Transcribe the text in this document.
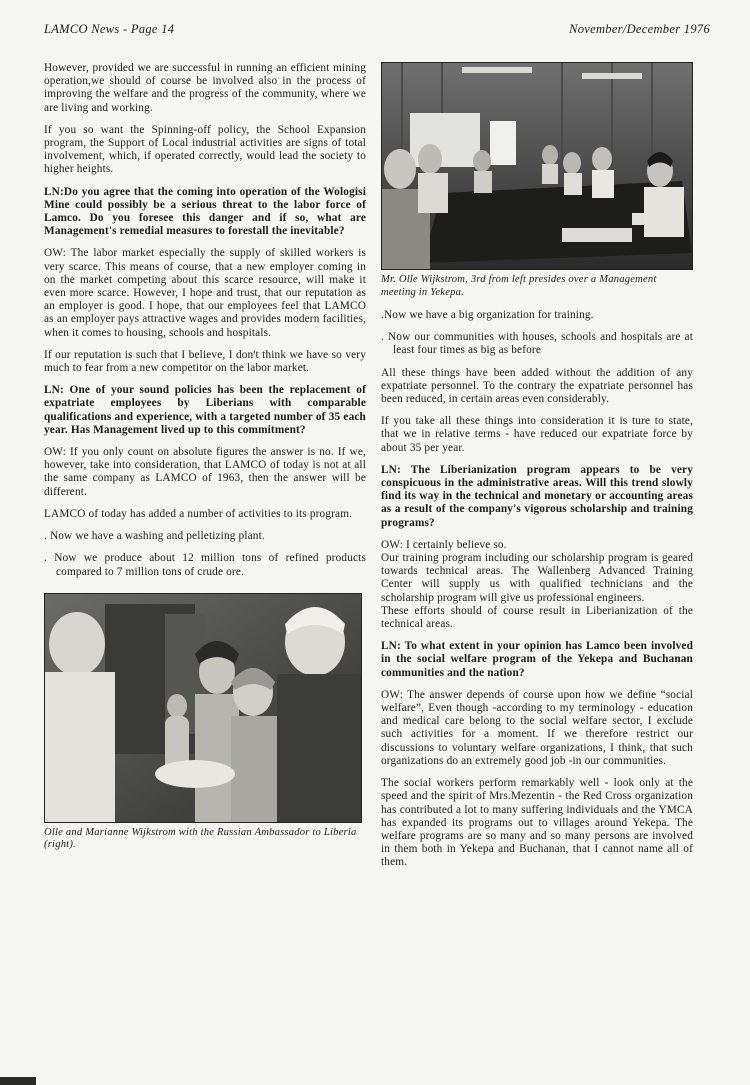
LAMCO News - Page 14	November/December 1976

However, provided we are successful in running an efficient mining operation,we should of course be involved also in the process of improving the welfare and the progress of the community, where we are living and working.

If you so want the Spinning-off policy, the School Expansion program, the Support of Local industrial activities are signs of total involvement, which, if operated correctly, would lead the society to higher heights.

LN:Do you agree that the coming into operation of the Wologisi Mine could possibly be a serious threat to the labor force of Lamco. Do you foresee this danger and if so, what are Management's remedial measures to forestall the inevitable?

OW: The labor market especially the supply of skilled workers is very scarce. This means of course, that a new employer coming in on the market competing about this scarce resource, will make it even more scarce. However, I hope and trust, that our reputation as an employer is good. I hope, that our employees feel that LAMCO as an employer pays attractive wages and provides modern facilities, when it comes to housing, schools and hospitals.

If our reputation is such that I believe, I don't think we have so very much to fear from a new competitor on the labor market.

LN: One of your sound policies has been the replacement of expatriate employees by Liberians with comparable qualifications and experience, with a targeted number of 35 each year. Has Management lived up to this commitment?

OW: If you only count on absolute figures the answer is no. If we, however, take into consideration, that LAMCO of today is not at all the same company as LAMCO of 1963, then the answer will be different.

LAMCO of today has added a number of activities to its program.

. Now we have a washing and pelletizing plant.

. Now we produce about 12 million tons of refined products compared to 7 million tons of crude ore.

Olle and Marianne Wijkstrom with the Russian Ambassador to Liberia (right).
Mr. Olle Wijkstrom, 3rd from left presides over a Management meeting in Yekepa.

.Now we have a big organization for training.

. Now our communities with houses, schools and hospitals are at least four times as big as before

All these things have been added without the addition of any expatriate personnel. To the contrary the expatriate personnel has been reduced, in certain areas even considerably.

If you take all these things into consideration it is ture to state, that we in relative terms - have reduced our expatriate force by about 35 per year.

LN: The Liberianization program appears to be very conspicuous in the administrative areas. Will this trend slowly find its way in the technical and monetary or accounting areas as a result of the company's vigorous scholarship and training programs?

OW: I certainly believe so.

Our training program including our scholarship program is geared towards technical areas. The Wallenberg Advanced Training Center will supply us with qualified technicians and the scholarship program will give us professional engineers.

These efforts should of course result in Liberianization of the technical areas.

LN: To what extent in your opinion has Lamco been involved in the social welfare program of the Yekepa and Buchanan communities and the nation?

OW: The answer depends of course upon how we define “social welfare”, Even though -according to my terminology - education and medical care belong to the social welfare sector, I exclude such activities for a moment. If we therefore restrict our discussions to voluntary welfare organizations, I think, that such organizations do an extremely good job -in our communities.

The social workers perform remarkably well - look only at the speed and the spirit of Mrs.Mezentin - the Red Cross organization has contributed a lot to many suffering individuals and the YMCA has expanded its programs out to villages around Yekepa. The welfare programs are so many and so many persons are involved in them both in Yekepa and Buchanan, that I cannot name all of them.
